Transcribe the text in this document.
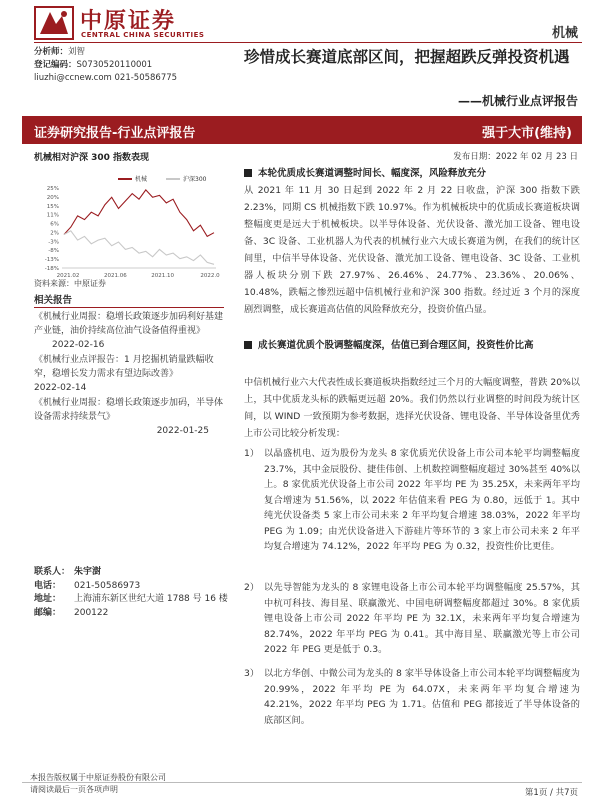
中原证券
CENTRAL CHINA SECURITIES	机械
分析师：刘智
登记编码：S0730520110001
liuzhi@ccnew.com 021-50586775
珍惜成长赛道底部区间，把握超跌反弹投资机遇
——机械行业点评报告
证券研究报告-行业点评报告	强于大市(维持)
发布日期：2022 年 02 月 23 日
机械相对沪深 300 指数表现
25%
20%
15%
11%
6%
2%
-3%
-8%
-13%
-18%
2021.02	2021.06	2021.10	2022.0
机械	沪深300
资料来源：中原证券
相关报告
《机械行业周报：稳增长政策逐步加码利好基建产业链，油价持续高位油气设备值得重视》
2022-02-16
《机械行业点评报告：1 月挖掘机销量跌幅收窄，稳增长发力需求有望边际改善》
2022-02-14
《机械行业周报：稳增长政策逐步加码，半导体设备需求持续景气》
2022-01-25
联系人： 朱宇澍
电话：	021-50586973
地址：	上海浦东新区世纪大道 1788 号 16 楼
邮编：	200122
本轮优质成长赛道调整时间长、幅度深，风险释放充分
从 2021 年 11 月 30 日起到 2022 年 2 月 22 日收盘，沪深 300 指数下跌 2.23%，同期 CS 机械指数下跌 10.97%。作为机械板块中的优质成长赛道板块调整幅度更是远大于机械板块。以半导体设备、光伏设备、激光加工设备、锂电设备、3C 设备、工业机器人为代表的机械行业六大成长赛道为例，在我们的统计区间里，中信半导体设备、光伏设备、激光加工设备、锂电设备、3C 设备、工业机器人板块分别下跌 27.97%、26.46%、24.77%、23.36%、20.06%、10.48%，跌幅之惨烈远超中信机械行业和沪深 300 指数。经过近 3 个月的深度剧烈调整，成长赛道高估值的风险释放充分，投资价值凸显。
成长赛道优质个股调整幅度深，估值已到合理区间，投资性价比高
中信机械行业六大代表性成长赛道板块指数经过三个月的大幅度调整，普跌 20%以上，其中优质龙头标的跌幅更远超 20%。我们仍然以行业调整的时间段为统计区间，以 WIND 一致预期为参考数据，选择光伏设备、锂电设备、半导体设备里优秀上市公司比较分析发现：
1） 以晶盛机电、迈为股份为龙头 8 家优质光伏设备上市公司本轮平均调整幅度 23.7%，其中金辰股份、捷佳伟创、上机数控调整幅度超过 30%甚至 40%以上。8 家优质光伏设备上市公司 2022 年平均 PE 为 35.25X，未来两年平均复合增速为 51.56%，以 2022 年估值来看 PEG 为 0.80，远低于 1。其中纯光伏设备类 5 家上市公司未来 2 年平均复合增速 38.03%，2022 年平均 PEG 为 1.09；由光伏设备进入下游硅片等环节的 3 家上市公司未来 2 年平均复合增速为 74.12%，2022 年平均 PEG 为 0.32，投资性价比更佳。
2） 以先导智能为龙头的 8 家锂电设备上市公司本轮平均调整幅度 25.57%，其中杭可科技、海目星、联赢激光、中国电研调整幅度都超过 30%。8 家优质锂电设备上市公司 2022 年平均 PE 为 32.1X，未来两年平均复合增速为 82.74%，2022 年平均 PEG 为 0.41。其中海目星、联赢激光等上市公司 2022 年 PEG 更是低于 0.3。
3） 以北方华创、中微公司为龙头的 8 家半导体设备上市公司本轮平均调整幅度为 20.99%，2022 年平均 PE 为 64.07X，未来两年平均复合增速为 42.21%，2022 年平均 PEG 为 1.71。估值和 PEG 都接近了半导体设备的底部区间。
本报告版权属于中原证券股份有限公司
请阅读最后一页各项声明	第1页 / 共7页
